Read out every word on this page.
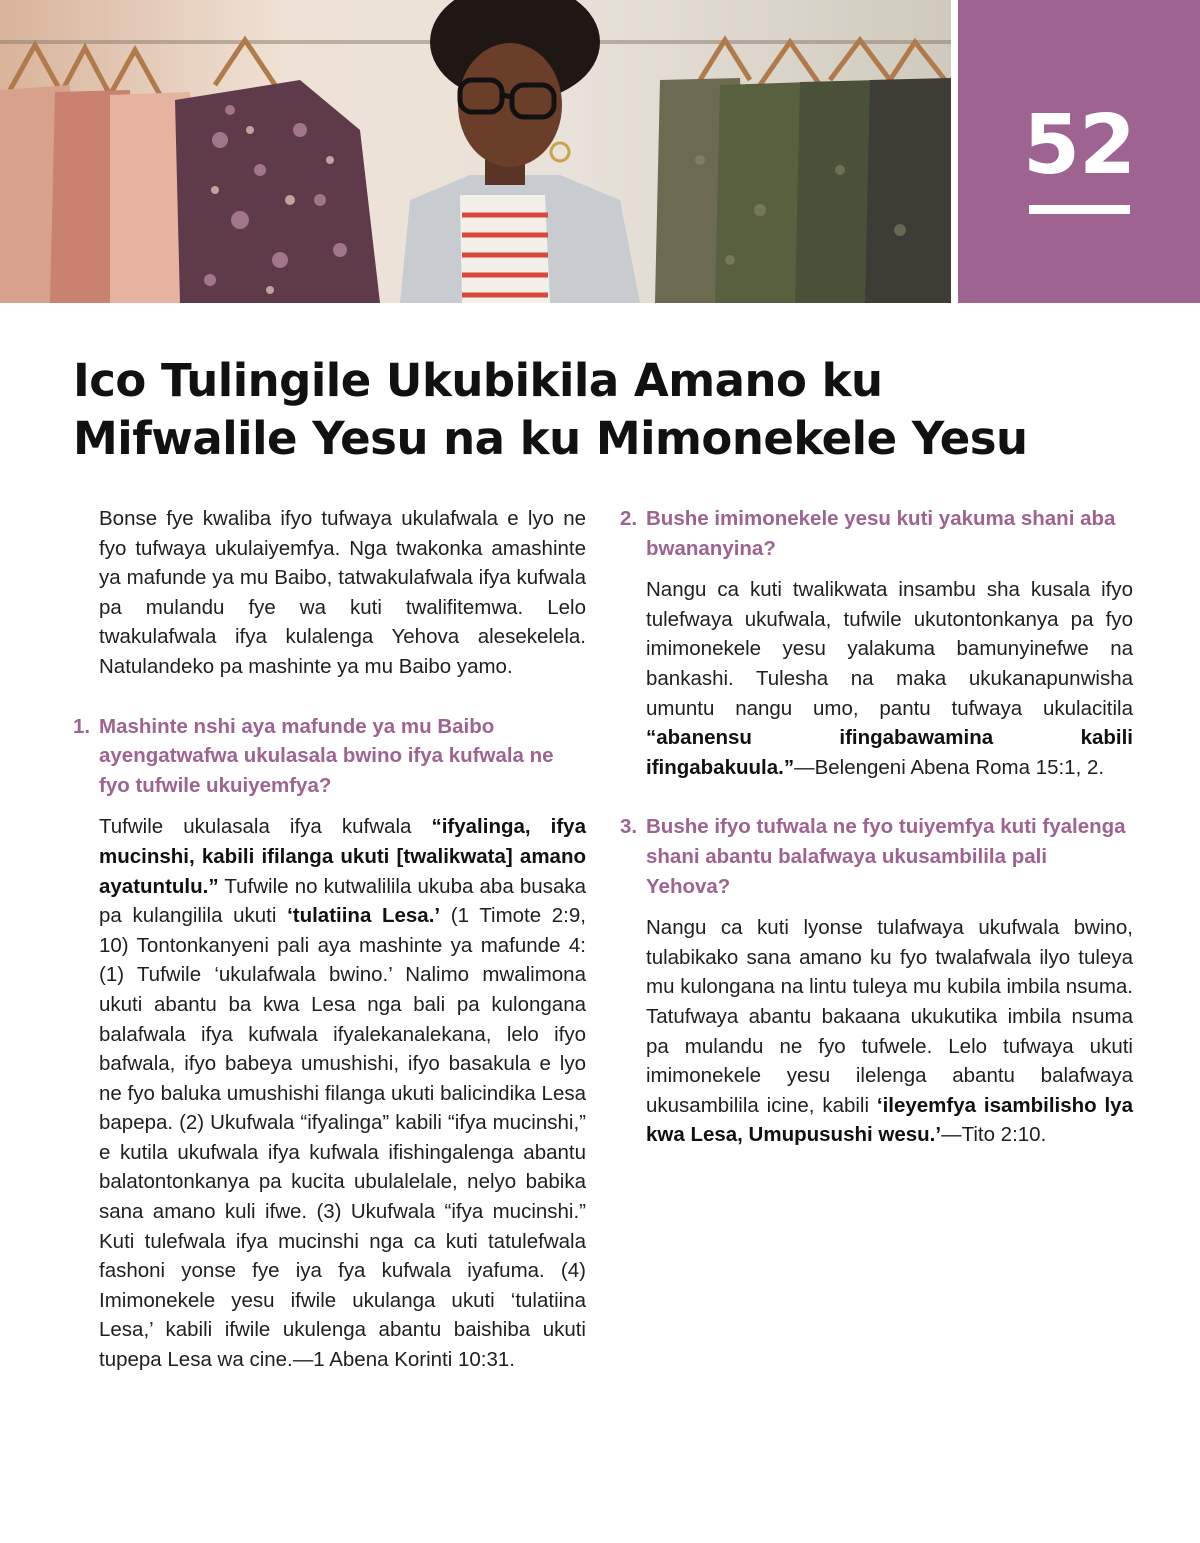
52
Ico Tulingile Ukubikila Amano ku
Mifwalile Yesu na ku Mimonekele Yesu

Bonse fye kwaliba ifyo tufwaya ukulafwala e lyo ne fyo tufwaya ukulaiyemfya. Nga twakonka amashinte ya mafunde ya mu Baibo, tatwakulafwala ifya kufwala pa mulandu fye wa kuti twalifitemwa. Lelo twakulafwala ifya kulalenga Yehova alesekelela. Natulandeko pa mashinte ya mu Baibo yamo.

1. Mashinte nshi aya mafunde ya mu Baibo ayengatwafwa ukulasala bwino ifya kufwala ne fyo tufwile ukuiyemfya?

Tufwile ukulasala ifya kufwala “ifyalinga, ifya mucinshi, kabili ifilanga ukuti [twalikwata] amano ayatuntulu.” Tufwile no kutwalilila ukuba aba busaka pa kulangilila ukuti ‘tulatiina Lesa.’ (1 Timote 2:9, 10) Tontonkanyeni pali aya mashinte ya mafunde 4: (1) Tufwile ‘ukulafwala bwino.’ Nalimo mwalimona ukuti abantu ba kwa Lesa nga bali pa kulongana balafwala ifya kufwala ifyalekanalekana, lelo ifyo bafwala, ifyo babeya umushishi, ifyo basakula e lyo ne fyo baluka umushishi filanga ukuti balicindika Lesa bapepa. (2) Ukufwala “ifyalinga” kabili “ifya mucinshi,” e kutila ukufwala ifya kufwala ifishingalenga abantu balatontonkanya pa kucita ubulalelale, nelyo babika sana amano kuli ifwe. (3) Ukufwala “ifya mucinshi.” Kuti tulefwala ifya mucinshi nga ca kuti tatulefwala fashoni yonse fye iya fya kufwala iyafuma. (4) Imimonekele yesu ifwile ukulanga ukuti ‘tulatiina Lesa,’ kabili ifwile ukulenga abantu baishiba ukuti tupepa Lesa wa cine.—1 Abena Korinti 10:31.

2. Bushe imimonekele yesu kuti yakuma shani aba bwananyina?

Nangu ca kuti twalikwata insambu sha kusala ifyo tulefwaya ukufwala, tufwile ukutontonkanya pa fyo imimonekele yesu yalakuma bamunyinefwe na bankashi. Tulesha na maka ukukanapunwisha umuntu nangu umo, pantu tufwaya ukulacitila “abanensu ifingabawamina kabili ifingabakuula.”—Belengeni Abena Roma 15:1, 2.

3. Bushe ifyo tufwala ne fyo tuiyemfya kuti fyalenga shani abantu balafwaya ukusambilila pali Yehova?

Nangu ca kuti lyonse tulafwaya ukufwala bwino, tulabikako sana amano ku fyo twalafwala ilyo tuleya mu kulongana na lintu tuleya mu kubila imbila nsuma. Tatufwaya abantu bakaana ukukutika imbila nsuma pa mulandu ne fyo tufwele. Lelo tufwaya ukuti imimonekele yesu ilelenga abantu balafwaya ukusambilila icine, kabili ‘ileyemfya isambilisho lya kwa Lesa, Umupusushi wesu.’—Tito 2:10.
